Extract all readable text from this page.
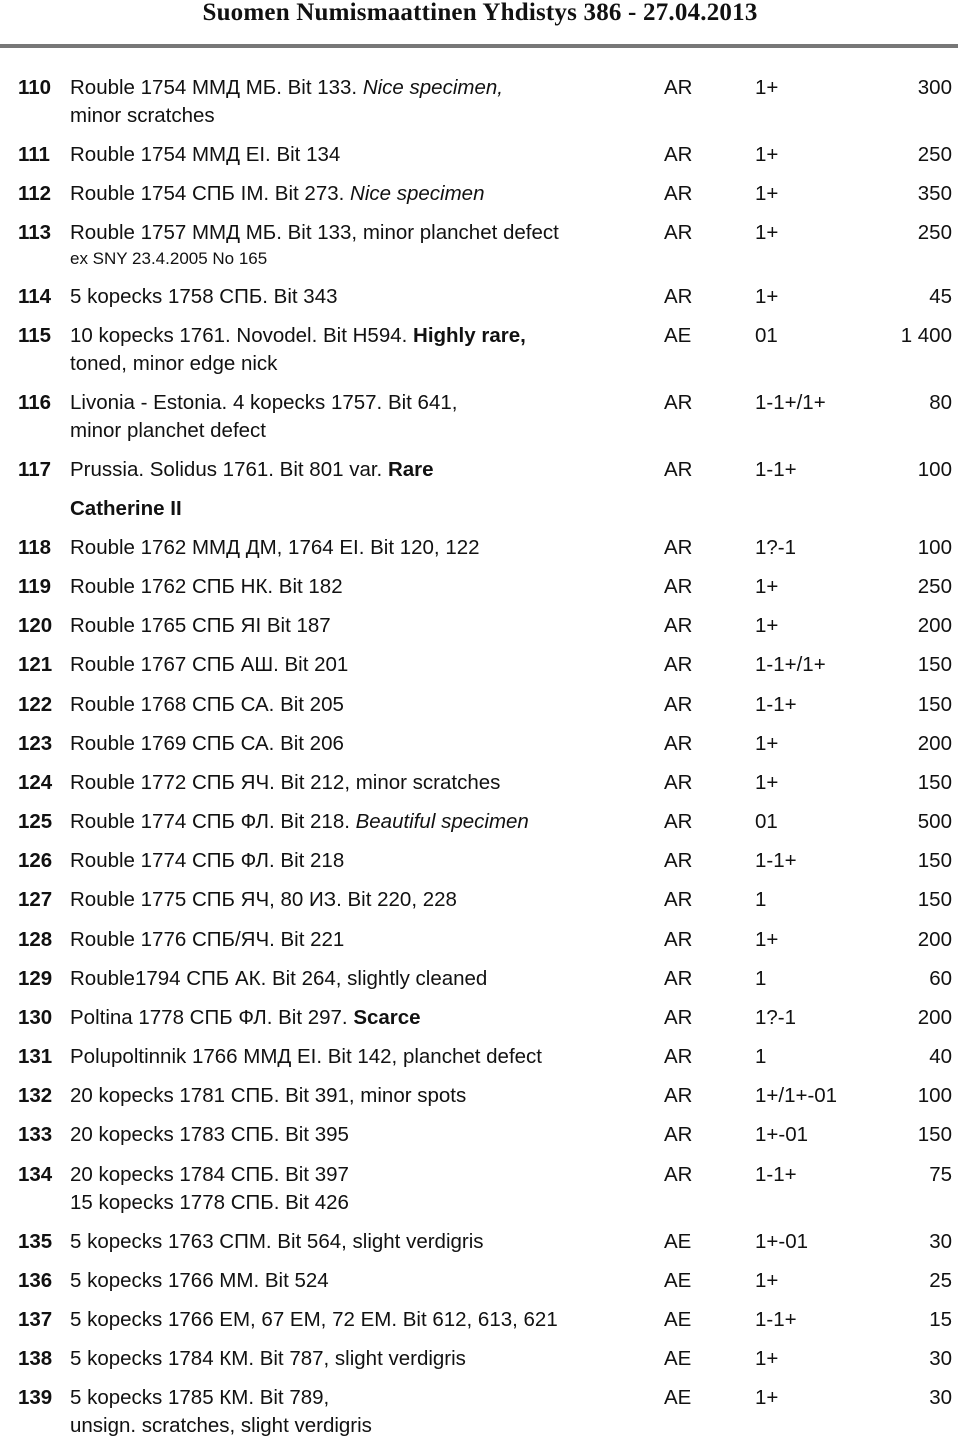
Suomen Numismaattinen Yhdistys 386 - 27.04.2013
110 Rouble 1754 ММД МБ. Bit 133. Nice specimen,
minor scratches
AR	1+	300
111 Rouble 1754 ММД ЕI. Bit 134	AR	1+	250
112 Rouble 1754 СПБ IM. Bit 273. Nice specimen	AR	1+	350
113 Rouble 1757 ММД МБ. Bit 133, minor planchet defect
ex SNY 23.4.2005 No 165
AR	1+	250
114 5 kopecks 1758 СПБ. Bit 343	AR	1+	45
115 10 kopecks 1761. Novodel. Bit H594. Highly rare,
toned, minor edge nick
AE	01	1 400
116 Livonia - Estonia. 4 kopecks 1757. Bit 641,
minor planchet defect
AR	1-1+/1+	80
117 Prussia. Solidus 1761. Bit 801 var. Rare	AR	1-1+	100
118 Rouble 1762 ММД ДМ, 1764 ЕI. Bit 120, 122	AR	1?-1	100
119 Rouble 1762 СПБ НК. Bit 182	AR	1+	250
120 Rouble 1765 СПБ ЯI Bit 187	AR	1+	200
121 Rouble 1767 СПБ АШ. Bit 201	AR	1-1+/1+	150
122 Rouble 1768 СПБ СА. Bit 205	AR	1-1+	150
123 Rouble 1769 СПБ СА. Bit 206	AR	1+	200
124 Rouble 1772 СПБ ЯЧ. Bit 212, minor scratches	AR	1+	150
125 Rouble 1774 СПБ ФЛ. Bit 218. Beautiful specimen	AR	01	500
126 Rouble 1774 СПБ ФЛ. Bit 218	AR	1-1+	150
127 Rouble 1775 СПБ ЯЧ, 80 ИЗ. Bit 220, 228	AR	1	150
128 Rouble 1776 СПБ/ЯЧ. Bit 221	AR	1+	200
129 Rouble1794 СПБ АК. Bit 264, slightly cleaned	AR	1	60
130 Poltina 1778 СПБ ФЛ. Bit 297. Scarce	AR	1?-1	200
131 Polupoltinnik 1766 ММД ЕI. Bit 142, planchet defect	AR	1	40
132 20 kopecks 1781 СПБ. Bit 391, minor spots	AR	1+/1+-01	100
133 20 kopecks 1783 СПБ. Bit 395	AR	1+-01	150
134 20 kopecks 1784 СПБ. Bit 397
15 kopecks 1778 СПБ. Bit 426
AR	1-1+	75
135 5 kopecks 1763 СПМ. Bit 564, slight verdigris	AE	1+-01	30
136 5 kopecks 1766 ММ. Bit 524	AE	1+	25
137 5 kopecks 1766 ЕМ, 67 ЕМ, 72 ЕМ. Bit 612, 613, 621	AE	1-1+	15
138 5 kopecks 1784 КМ. Bit 787, slight verdigris	AE	1+	30
139 5 kopecks 1785 КМ. Bit 789,
unsign. scratches, slight verdigris
AE	1+	30
Catherine II
